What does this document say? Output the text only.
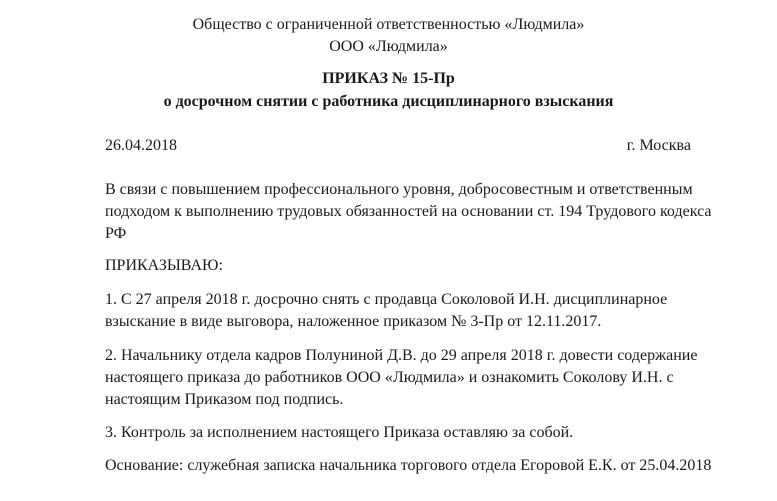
Общество с ограниченной ответственностью «Людмила»
ООО «Людмила»
ПРИКАЗ № 15-Пр
о досрочном снятии с работника дисциплинарного взыскания
26.04.2018	г. Москва
В связи с повышением профессионального уровня, добросовестным и ответственным
подходом к выполнению трудовых обязанностей на основании ст. 194 Трудового кодекса
РФ
ПРИКАЗЫВАЮ:
1. С 27 апреля 2018 г. досрочно снять с продавца Соколовой И.Н. дисциплинарное
взыскание в виде выговора, наложенное приказом № 3-Пр от 12.11.2017.
2. Начальнику отдела кадров Полуниной Д.В. до 29 апреля 2018 г. довести содержание
настоящего приказа до работников ООО «Людмила» и ознакомить Соколову И.Н. с
настоящим Приказом под подпись.
3. Контроль за исполнением настоящего Приказа оставляю за собой.
Основание: служебная записка начальника торгового отдела Егоровой Е.К. от 25.04.2018
